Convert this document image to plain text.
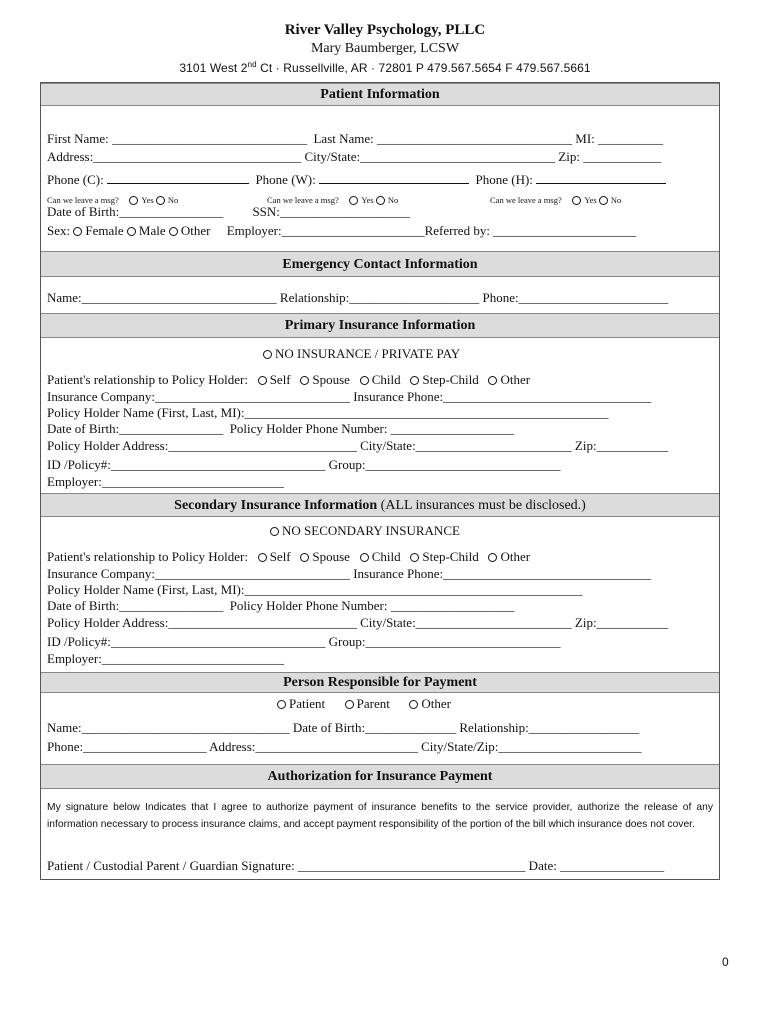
River Valley Psychology, PLLC
Mary Baumberger, LCSW
3101 West 2nd Ct · Russellville, AR · 72801 P 479.567.5654 F 479.567.5661
Patient Information
First Name: ______________________________  Last Name: ______________________________ MI: __________
Address:________________________________ City/State:______________________________ Zip: ____________
Phone (C):	Phone (W):	Phone (H):
Can we leave a msg?	Yes No	Can we leave a msg?	Yes No	Can we leave a msg?	Yes No
Date of Birth:________________         SSN:____________________
Sex: Female Male Other     Employer:______________________Referred by: ______________________
Emergency Contact Information
Name:______________________________ Relationship:____________________ Phone:_______________________
Primary Insurance Information
NO INSURANCE / PRIVATE PAY
Patient's relationship to Policy Holder: Self Spouse Child Step-Child Other
Insurance Company:______________________________ Insurance Phone:________________________________
Policy Holder Name (First, Last, MI):________________________________________________________
Date of Birth:________________  Policy Holder Phone Number: ___________________
Policy Holder Address:_____________________________ City/State:________________________ Zip:___________
ID /Policy#:_________________________________ Group:______________________________
Employer:____________________________
Secondary Insurance Information (ALL insurances must be disclosed.)
NO SECONDARY INSURANCE
Patient's relationship to Policy Holder: Self Spouse Child Step-Child Other
Insurance Company:______________________________ Insurance Phone:________________________________
Policy Holder Name (First, Last, MI):____________________________________________________
Date of Birth:________________  Policy Holder Phone Number: ___________________
Policy Holder Address:_____________________________ City/State:________________________ Zip:___________
ID /Policy#:_________________________________ Group:______________________________
Employer:____________________________
Person Responsible for Payment
Patient Parent Other
Name:________________________________ Date of Birth:______________ Relationship:_________________
Phone:___________________ Address:_________________________ City/State/Zip:______________________
Authorization for Insurance Payment
My signature below Indicates that I agree to authorize payment of insurance benefits to the service provider, authorize the release of any information necessary to process insurance claims, and accept payment responsibility of the portion of the bill which insurance does not cover.
Patient / Custodial Parent / Guardian Signature: ___________________________________ Date: ________________
0
